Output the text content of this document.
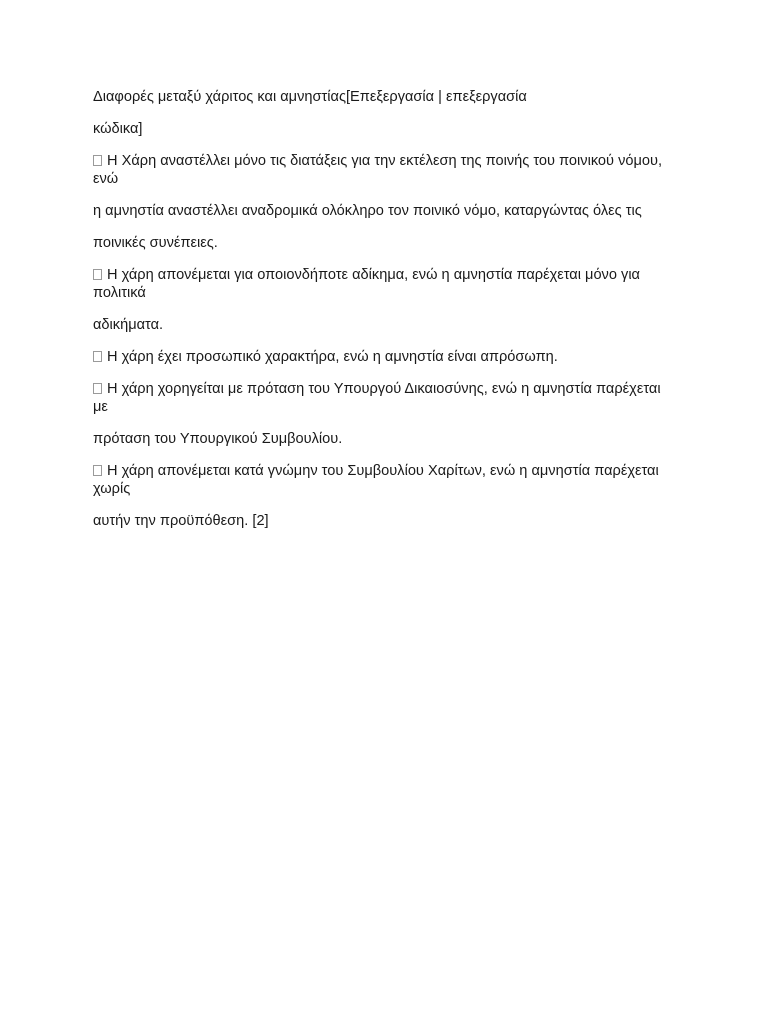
Διαφορές μεταξύ χάριτος και αμνηστίας[Επεξεργασία | επεξεργασία

κώδικα]

Η Χάρη αναστέλλει μόνο τις διατάξεις για την εκτέλεση της ποινής του ποινικού νόμου, ενώ

η αμνηστία αναστέλλει αναδρομικά ολόκληρο τον ποινικό νόμο, καταργώντας όλες τις

ποινικές συνέπειες.

Η χάρη απονέμεται για οποιονδήποτε αδίκημα, ενώ η αμνηστία παρέχεται μόνο για πολιτικά

αδικήματα.

Η χάρη έχει προσωπικό χαρακτήρα, ενώ η αμνηστία είναι απρόσωπη.

Η χάρη χορηγείται με πρόταση του Υπουργού Δικαιοσύνης, ενώ η αμνηστία παρέχεται με

πρόταση του Υπουργικού Συμβουλίου.

Η χάρη απονέμεται κατά γνώμην του Συμβουλίου Χαρίτων, ενώ η αμνηστία παρέχεται χωρίς

αυτήν την προϋπόθεση. [2]
